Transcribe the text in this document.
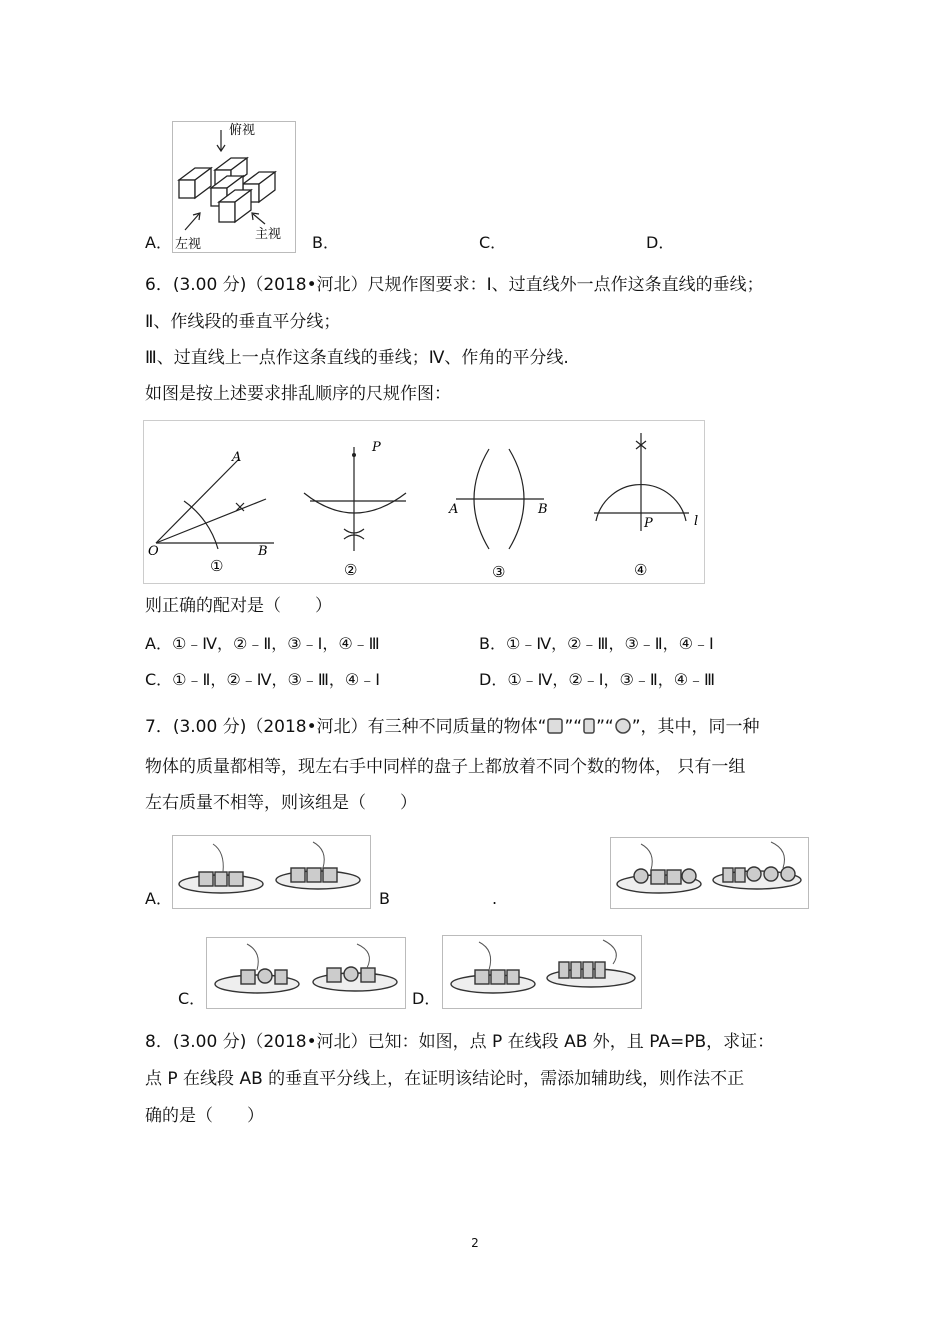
俯视
左视
主视
A．	B．	C．	D．
6．(3.00 分)（2018•河北）尺规作图要求：Ⅰ、过直线外一点作这条直线的垂线；
Ⅱ、作线段的垂直平分线；
Ⅲ、过直线上一点作这条直线的垂线；Ⅳ、作角的平分线.
如图是按上述要求排乱顺序的尺规作图：
A
O	B
①
P
②
A	B
③
P	l
④
则正确的配对是（　　）
A．①﹣Ⅳ，②﹣Ⅱ，③﹣Ⅰ，④﹣Ⅲ	B．①﹣Ⅳ，②﹣Ⅲ，③﹣Ⅱ，④﹣Ⅰ
C．①﹣Ⅱ，②﹣Ⅳ，③﹣Ⅲ，④﹣Ⅰ	D．①﹣Ⅳ，②﹣Ⅰ，③﹣Ⅱ，④﹣Ⅲ
7．(3.00 分)（2018•河北）有三种不同质量的物体“ ”“ ”“ ”，其中，同一种
物体的质量都相等，现左右手中同样的盘子上都放着不同个数的物体， 只有一组
左右质量不相等，则该组是（　　）
A．	B	.
C．	D．
8．(3.00 分)（2018•河北）已知：如图，点 P 在线段 AB 外，且 PA=PB，求证：
点 P 在线段 AB 的垂直平分线上，在证明该结论时，需添加辅助线，则作法不正
确的是（　　）
2
